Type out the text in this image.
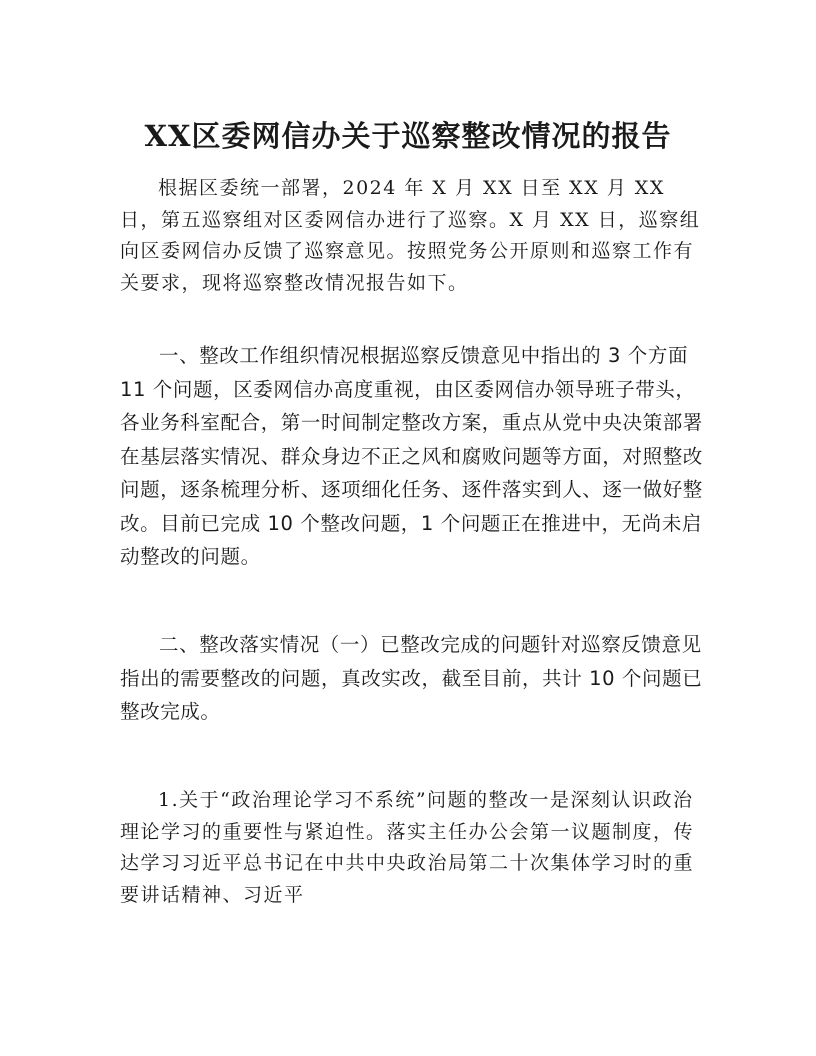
XX区委网信办关于巡察整改情况的报告

根据区委统一部署，2024 年 X 月 XX 日至 XX 月 XX 日，第五巡察组对区委网信办进行了巡察。X 月 XX 日，巡察组向区委网信办反馈了巡察意见。按照党务公开原则和巡察工作有关要求，现将巡察整改情况报告如下。

一、整改工作组织情况根据巡察反馈意见中指出的 3 个方面 11 个问题，区委网信办高度重视，由区委网信办领导班子带头，各业务科室配合，第一时间制定整改方案，重点从党中央决策部署在基层落实情况、群众身边不正之风和腐败问题等方面，对照整改问题，逐条梳理分析、逐项细化任务、逐件落实到人、逐一做好整改。目前已完成 10 个整改问题，1 个问题正在推进中，无尚未启动整改的问题。

二、整改落实情况（一）已整改完成的问题针对巡察反馈意见指出的需要整改的问题，真改实改，截至目前，共计 10 个问题已整改完成。

1.关于“政治理论学习不系统”问题的整改一是深刻认识政治理论学习的重要性与紧迫性。落实主任办公会第一议题制度，传达学习习近平总书记在中共中央政治局第二十次集体学习时的重要讲话精神、习近平
